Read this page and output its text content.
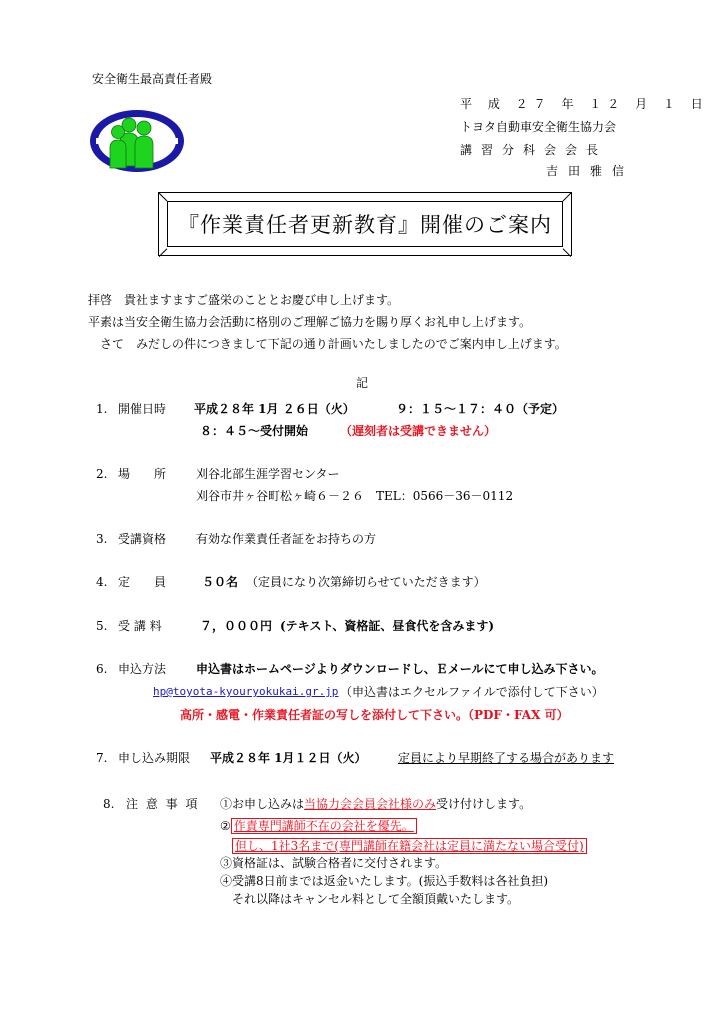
安全衛生最高責任者殿
平 成 ２７ 年 １２ 月 １ 日
トヨタ自動車安全衛生協力会
講習分科会会長
吉田雅信
『作業責任者更新教育』開催のご案内
拝啓　貴社ますますご盛栄のこととお慶び申し上げます。
平素は当安全衛生協力会活動に格別のご理解ご協力を賜り厚くお礼申し上げます。
さて　みだしの件につきまして下記の通り計画いたしましたのでご案内申し上げます。
記
1. 開催日時 平成２８年 1月 ２６日（火）	９：１５～１７：４０（予定）
８：４５～受付開始	（遅刻者は受講できません）
2. 場　　所 刈谷北部生涯学習センター
刈谷市井ヶ谷町松ヶ崎６－２６　TEL：0566－36－0112
3. 受講資格 有効な作業責任者証をお持ちの方
4. 定　　員	５０名 （定員になり次第締切らせていただきます）
5. 受 講 料	７，０００円 (テキスト、資格証、昼食代を含みます)
6. 申込方法 申込書はホームページよりダウンロードし、Ｅメールにて申し込み下さい。
hp@toyota-kyouryokukai.gr.jp （申込書はエクセルファイルで添付して下さい）
高所・感電・作業責任者証の写しを添付して下さい。（PDF・FAX 可）
7. 申し込み期限 平成２８年 1月１２日（火）	定員により早期終了する場合があります
8. 注 意 事 項 ①お申し込みは当協力会会員会社様のみ受け付けします。
② 作責専門講師不在の会社を優先。
但し、1社3名まで(専門講師在籍会社は定員に満たない場合受付)
③資格証は、試験合格者に交付されます。
④受講8日前までは返金いたします。(振込手数料は各社負担)
それ以降はキャンセル料として全額頂戴いたします。
